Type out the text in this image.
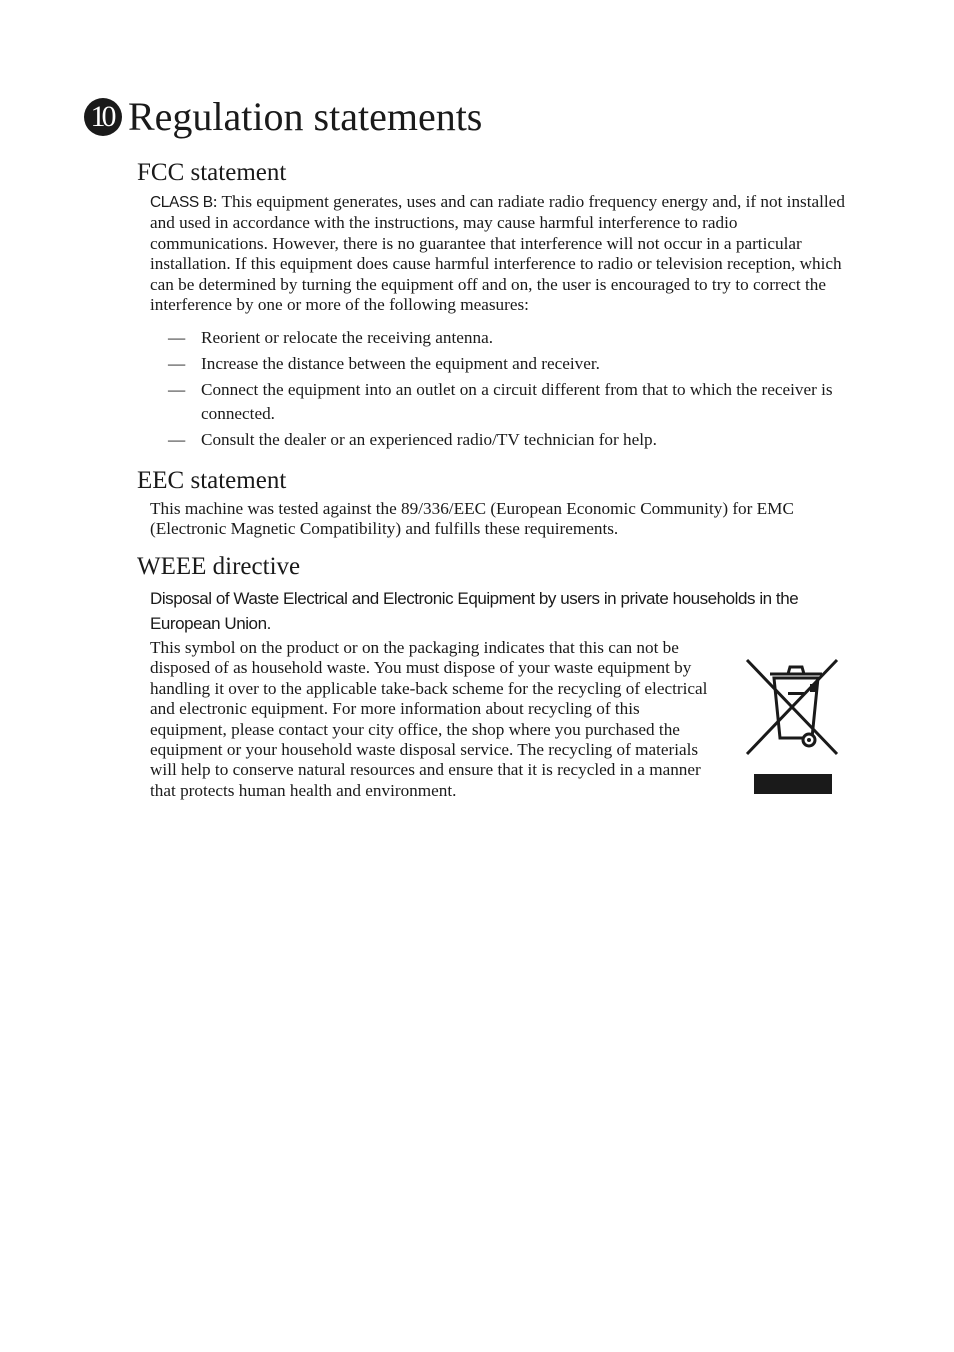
10 Regulation statements
FCC statement

CLASS B: This equipment generates, uses and can radiate radio frequency energy and, if not installed and used in accordance with the instructions, may cause harmful interference to radio communications. However, there is no guarantee that interference will not occur in a particular installation. If this equipment does cause harmful interference to radio or television reception, which can be determined by turning the equipment off and on, the user is encouraged to try to correct the interference by one or more of the following measures:

— Reorient or relocate the receiving antenna.
— Increase the distance between the equipment and receiver.
— Connect the equipment into an outlet on a circuit different from that to which the receiver is connected.
— Consult the dealer or an experienced radio/TV technician for help.
EEC statement

This machine was tested against the 89/336/EEC (European Economic Community) for EMC (Electronic Magnetic Compatibility) and fulfills these requirements.

WEEE directive
Disposal of Waste Electrical and Electronic Equipment by users in private households in the European Union.

This symbol on the product or on the packaging indicates that this can not be disposed of as household waste. You must dispose of your waste equipment by handling it over to the applicable take-back scheme for the recycling of electrical and electronic equipment. For more information about recycling of this equipment, please contact your city office, the shop where you purchased the equipment or your household waste disposal service. The recycling of materials will help to conserve natural resources and ensure that it is recycled in a manner that protects human health and environment.
